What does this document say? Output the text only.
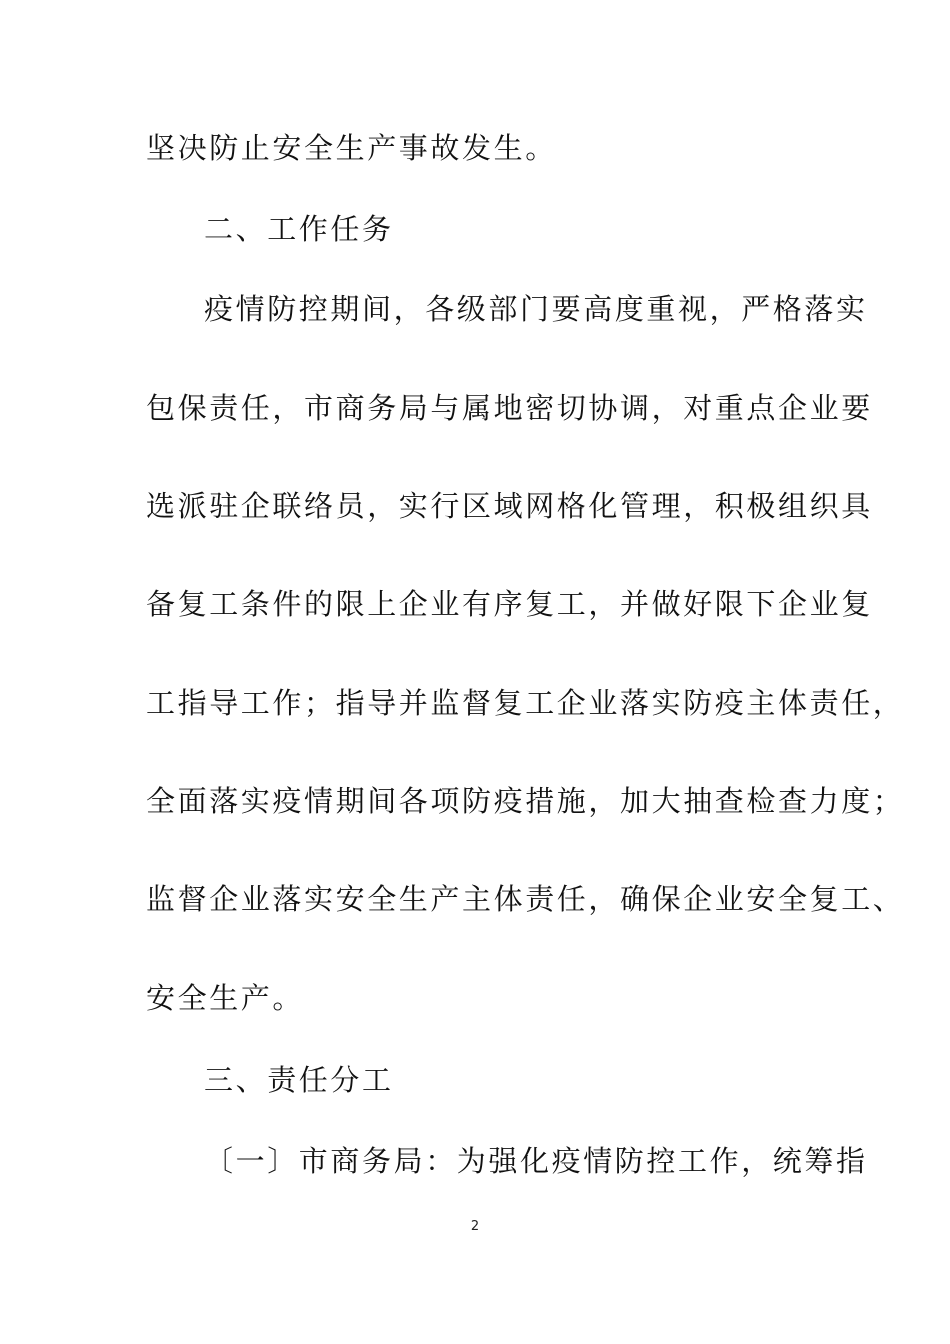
坚决防止安全生产事故发生。
二、工作任务
疫情防控期间，各级部门要高度重视，严格落实
包保责任，市商务局与属地密切协调，对重点企业要
选派驻企联络员，实行区域网格化管理，积极组织具
备复工条件的限上企业有序复工，并做好限下企业复
工指导工作；指导并监督复工企业落实防疫主体责任，
全面落实疫情期间各项防疫措施，加大抽查检查力度；
监督企业落实安全生产主体责任，确保企业安全复工、
安全生产。
三、责任分工
〔一〕市商务局：为强化疫情防控工作，统筹指
2
